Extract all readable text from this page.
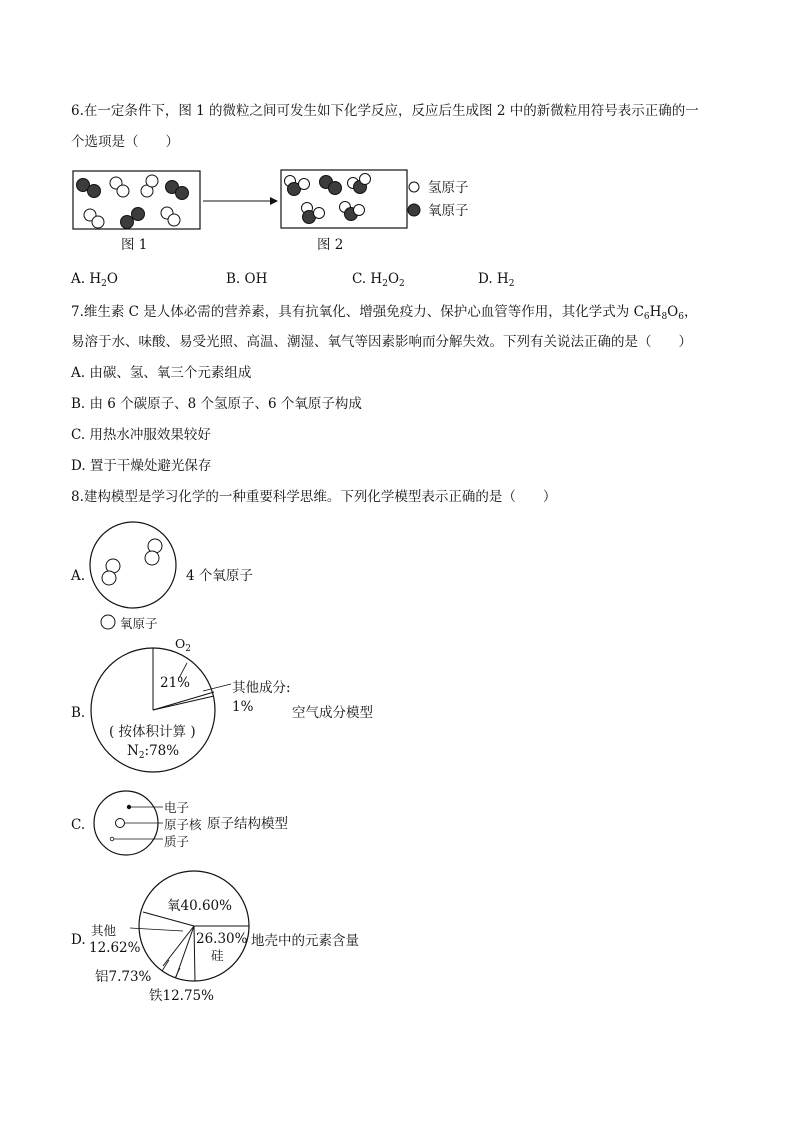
6.在一定条件下，图 1 的微粒之间可发生如下化学反应，反应后生成图 2 中的新微粒用符号表示正确的一
个选项是（　　）
氢原子
氧原子
图 1	图 2
A. $H_2O$	B. OH	C. $H_2O_2$	D. $H_2$
7.维生素 C 是人体必需的营养素，具有抗氧化、增强免疫力、保护心血管等作用，其化学式为 $C_6H_8O_6$，
易溶于水、味酸、易受光照、高温、潮湿、氧气等因素影响而分解失效。下列有关说法正确的是（　　）
A. 由碳、氢、氧三个元素组成
B. 由 6 个碳原子、8 个氢原子、6 个氧原子构成
C. 用热水冲服效果较好
D. 置于干燥处避光保存
8.建构模型是学习化学的一种重要科学思维。下列化学模型表示正确的是（　　）
A.	4 个氧原子
氧原子
$O_2$
21%	其他成分:
1%
B.	空气成分模型
( 按体积计算 )
$N_2:78\%$
电子
C.	原子核 原子结构模型
质子
氧40.60%
其他
D.	26.30% 地壳中的元素含量
12.62%	硅
铝7.73%
铁12.75%
